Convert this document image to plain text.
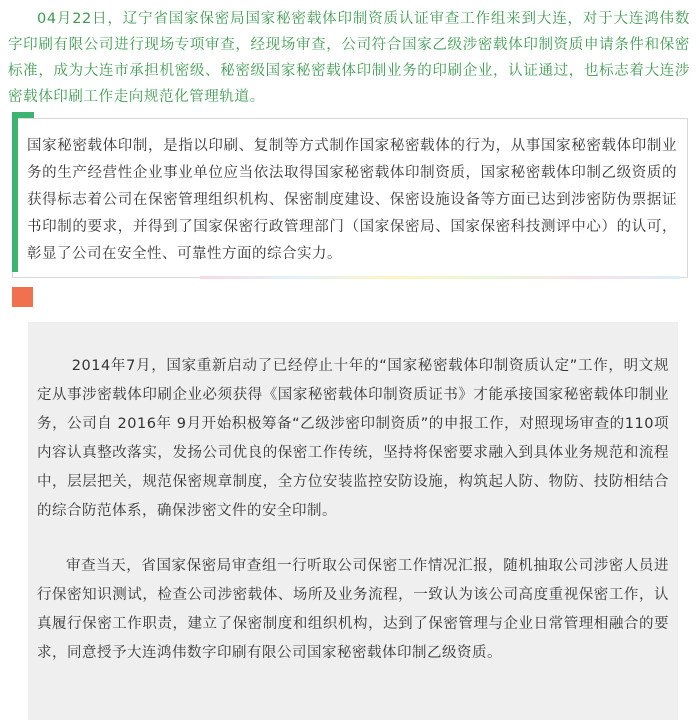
04月22日，辽宁省国家保密局国家秘密载体印制资质认证审查工作组来到大连，对于大连鸿伟数字印刷有限公司进行现场专项审查，经现场审查，公司符合国家乙级涉密载体印制资质申请条件和保密标准，成为大连市承担机密级、秘密级国家秘密载体印制业务的印刷企业，认证通过，也标志着大连涉密载体印刷工作走向规范化管理轨道。

国家秘密载体印制，是指以印刷、复制等方式制作国家秘密载体的行为，从事国家秘密载体印制业务的生产经营性企业事业单位应当依法取得国家秘密载体印制资质，国家秘密载体印制乙级资质的获得标志着公司在保密管理组织机构、保密制度建设、保密设施设备等方面已达到涉密防伪票据证书印制的要求，并得到了国家保密行政管理部门（国家保密局、国家保密科技测评中心）的认可，彰显了公司在安全性、可靠性方面的综合实力。

2014年7月，国家重新启动了已经停止十年的“国家秘密载体印制资质认定”工作，明文规定从事涉密载体印刷企业必须获得《国家秘密载体印制资质证书》才能承接国家秘密载体印制业务，公司自 2016年 9月开始积极筹备“乙级涉密印制资质”的申报工作，对照现场审查的110项内容认真整改落实，发扬公司优良的保密工作传统，坚持将保密要求融入到具体业务规范和流程中，层层把关，规范保密规章制度，全方位安装监控安防设施，构筑起人防、物防、技防相结合的综合防范体系，确保涉密文件的安全印制。

审查当天，省国家保密局审查组一行听取公司保密工作情况汇报，随机抽取公司涉密人员进行保密知识测试，检查公司涉密载体、场所及业务流程，一致认为该公司高度重视保密工作，认真履行保密工作职责，建立了保密制度和组织机构，达到了保密管理与企业日常管理相融合的要求，同意授予大连鸿伟数字印刷有限公司国家秘密载体印制乙级资质。
